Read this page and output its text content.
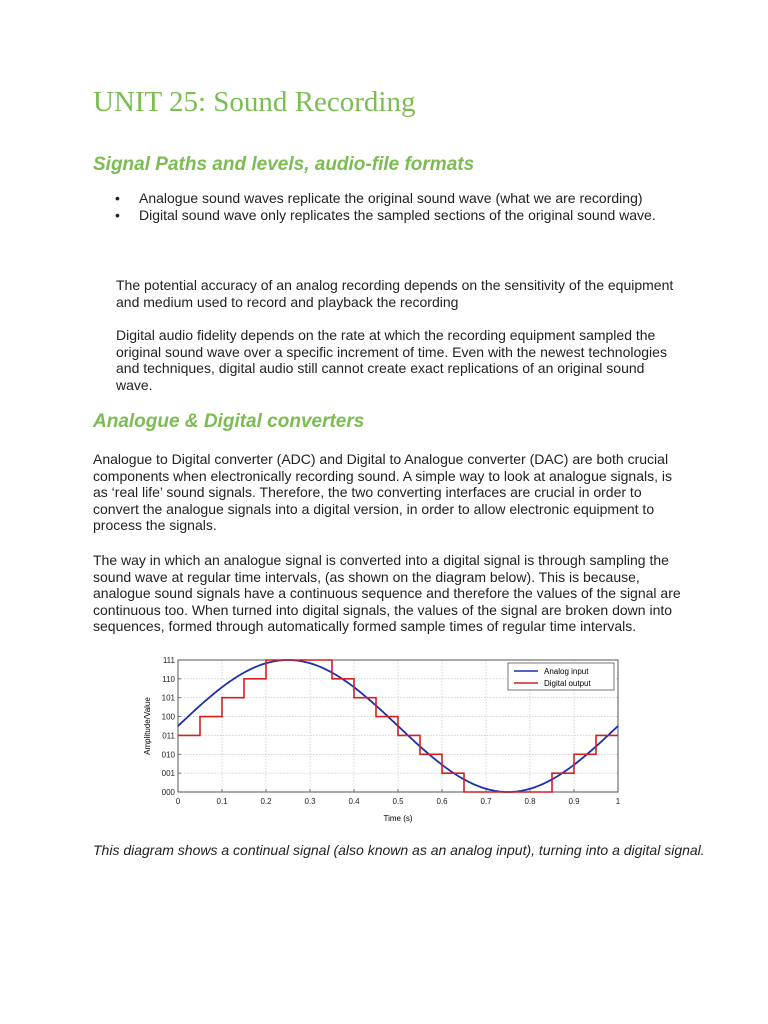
UNIT 25: Sound Recording
Signal Paths and levels, audio-file formats
•	Analogue sound waves replicate the original sound wave (what we are recording)
•	Digital sound wave only replicates the sampled sections of the original sound wave.

The potential accuracy of an analog recording depends on the sensitivity of the equipment and medium used to record and playback the recording

Digital audio fidelity depends on the rate at which the recording equipment sampled the original sound wave over a specific increment of time. Even with the newest technologies and techniques, digital audio still cannot create exact replications of an original sound wave.

Analogue & Digital converters

Analogue to Digital converter (ADC) and Digital to Analogue converter (DAC) are both crucial components when electronically recording sound. A simple way to look at analogue signals, is as ‘real life’ sound signals. Therefore, the two converting interfaces are crucial in order to convert the analogue signals into a digital version, in order to allow electronic equipment to process the signals.

The way in which an analogue signal is converted into a digital signal is through sampling the sound wave at regular time intervals, (as shown on the diagram below). This is because, analogue sound signals have a continuous sequence and therefore the values of the signal are continuous too. When turned into digital signals, the values of the signal are broken down into sequences, formed through automatically formed sample times of regular time intervals.

0	0.1	0.2	0.3	0.4	0.5	0.6	0.7	0.8	0.9	1
000
001
010
011
100
101
110
111
Amplitude/Value
Time (s)
Analog input
Digital output

This diagram shows a continual signal (also known as an analog input), turning into a digital signal.
